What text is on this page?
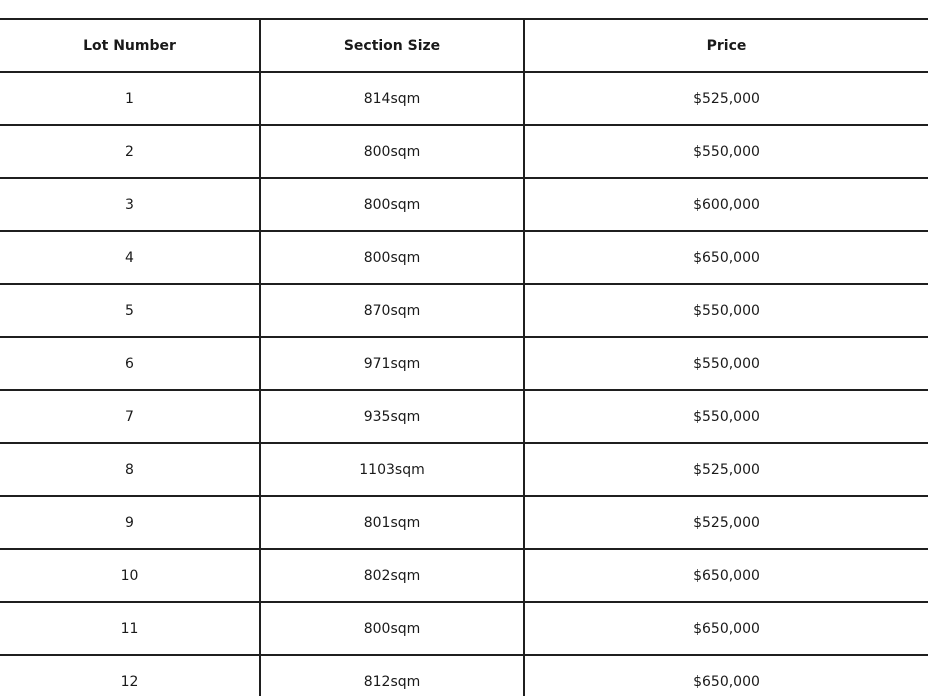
Lot Number	Section Size	Price
1	814sqm	$525,000
2	800sqm	$550,000
3	800sqm	$600,000
4	800sqm	$650,000
5	870sqm	$550,000
6	971sqm	$550,000
7	935sqm	$550,000
8	1103sqm	$525,000
9	801sqm	$525,000
10	802sqm	$650,000
11	800sqm	$650,000
12	812sqm	$650,000
